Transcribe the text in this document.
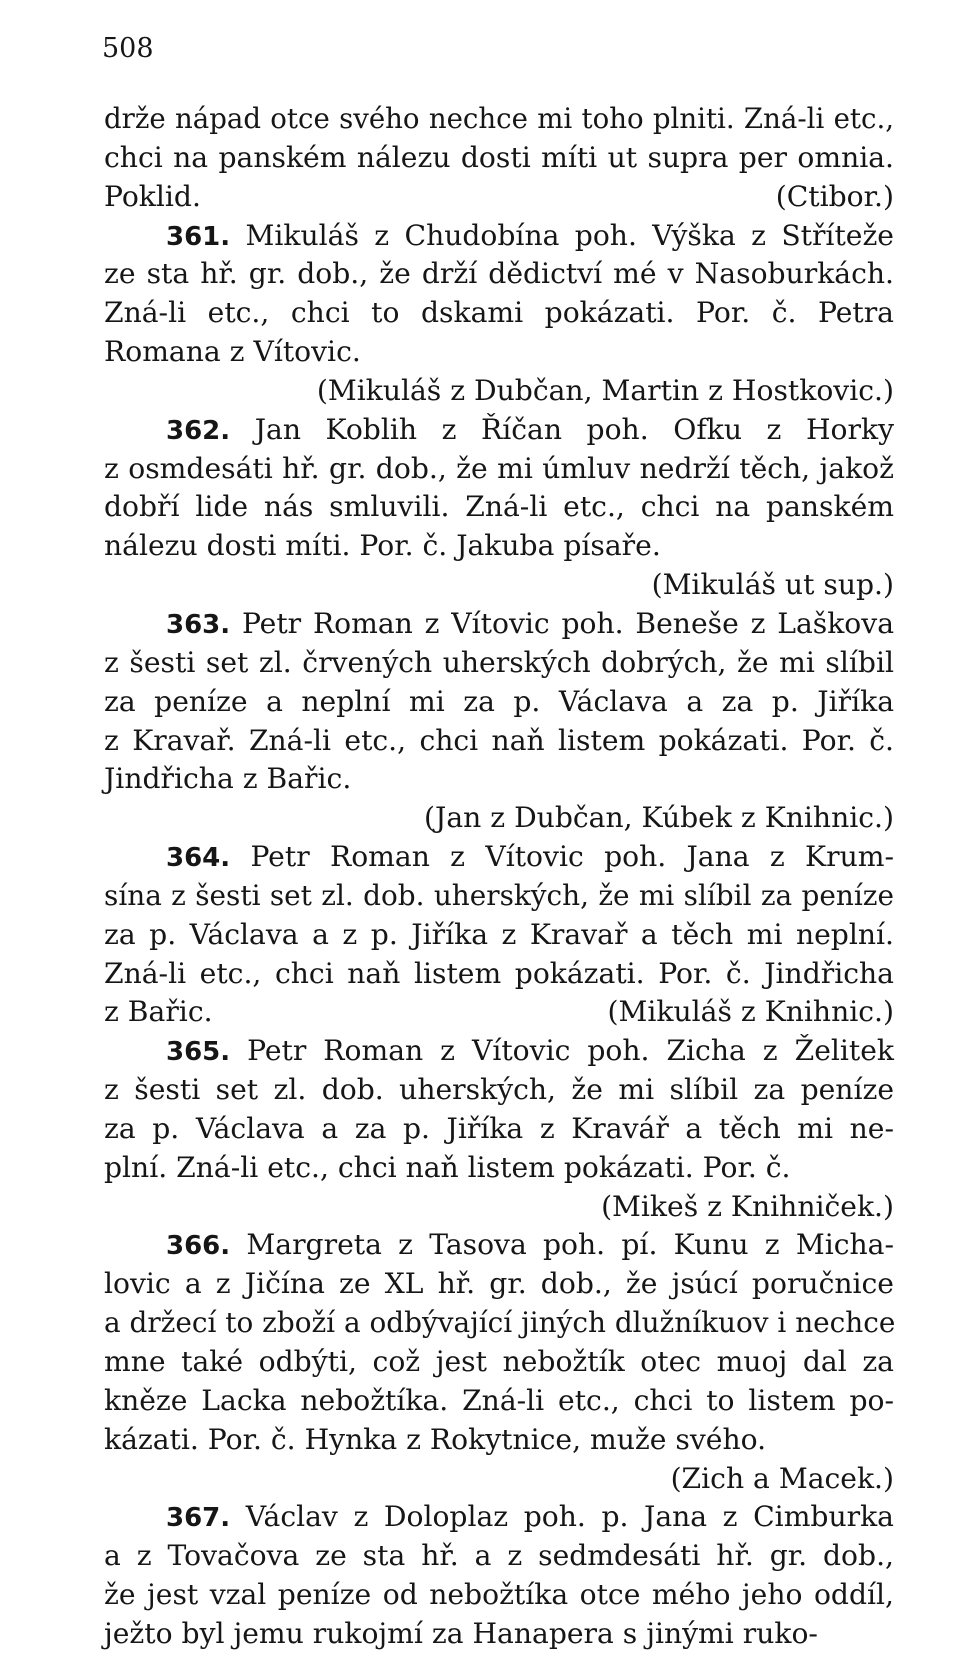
508
drže nápad otce svého nechce mi toho plniti. Zná-li etc.,
chci na panském nálezu dosti míti ut supra per omnia.
(Ctibor.)
Poklid.
361. Mikuláš z Chudobína poh. Výška z Stříteže
ze sta hř. gr. dob., že drží dědictví mé v Nasoburkách.
Zná-li etc., chci to dskami pokázati. Por. č. Petra
Romana z Vítovic.
(Mikuláš z Dubčan, Martin z Hostkovic.)
362. Jan Koblih z Říčan poh. Ofku z Horky
z osmdesáti hř. gr. dob., že mi úmluv nedrží těch, jakož
dobří lide nás smluvili. Zná-li etc., chci na panském
nálezu dosti míti. Por. č. Jakuba písaře.
(Mikuláš ut sup.)
363. Petr Roman z Vítovic poh. Beneše z Laškova
z šesti set zl. črvených uherských dobrých, že mi slíbil
za peníze a neplní mi za p. Václava a za p. Jiříka
z Kravař. Zná-li etc., chci naň listem pokázati. Por. č.
Jindřicha z Bařic.
(Jan z Dubčan, Kúbek z Knihnic.)
364. Petr Roman z Vítovic poh. Jana z Krum-
sína z šesti set zl. dob. uherských, že mi slíbil za peníze
za p. Václava a z p. Jiříka z Kravař a těch mi neplní.
Zná-li etc., chci naň listem pokázati. Por. č. Jindřicha
(Mikuláš z Knihnic.)
z Bařic.
365. Petr Roman z Vítovic poh. Zicha z Želitek
z šesti set zl. dob. uherských, že mi slíbil za peníze
za p. Václava a za p. Jiříka z Kravář a těch mi ne-
plní. Zná-li etc., chci naň listem pokázati. Por. č.
(Mikeš z Knihniček.)
366. Margreta z Tasova poh. pí. Kunu z Micha-
lovic a z Jičína ze XL hř. gr. dob., že jsúcí poručnice
a držecí to zboží a odbývající jiných dlužníkuov i nechce
mne také odbýti, což jest nebožtík otec muoj dal za
kněze Lacka nebožtíka. Zná-li etc., chci to listem po-
kázati. Por. č. Hynka z Rokytnice, muže svého.
(Zich a Macek.)
367. Václav z Doloplaz poh. p. Jana z Cimburka
a z Tovačova ze sta hř. a z sedmdesáti hř. gr. dob.,
že jest vzal peníze od nebožtíka otce mého jeho oddíl,
ježto byl jemu rukojmí za Hanapera s jinými ruko-
